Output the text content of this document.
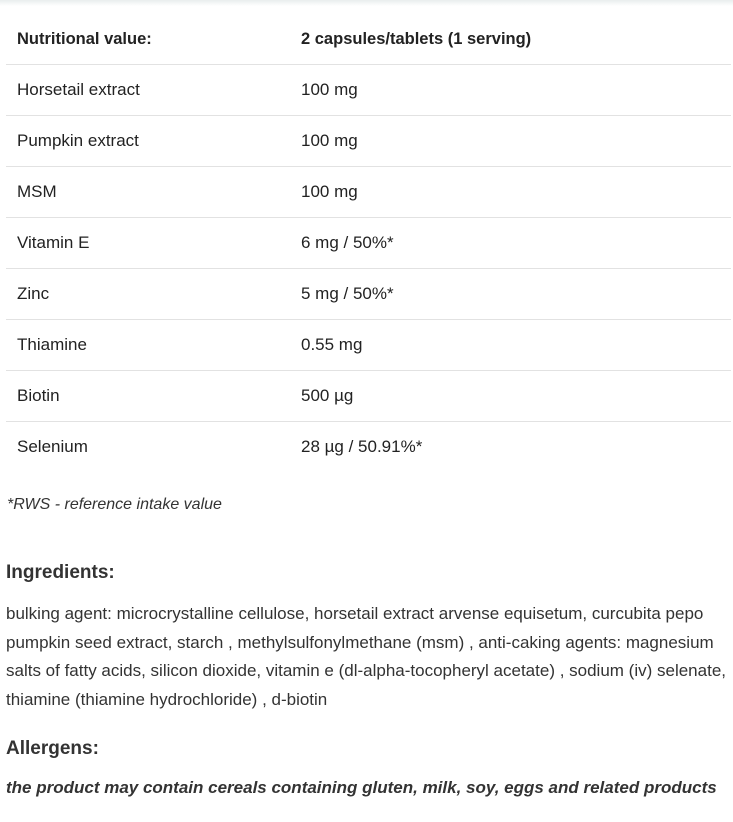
Nutritional value:	2 capsules/tablets (1 serving)
Horsetail extract	100 mg
Pumpkin extract	100 mg
MSM	100 mg
Vitamin E	6 mg / 50%*
Zinc	5 mg / 50%*
Thiamine	0.55 mg
Biotin	500 µg
Selenium	28 µg / 50.91%*
*RWS - reference intake value
Ingredients:
bulking agent: microcrystalline cellulose, horsetail extract arvense equisetum, curcubita pepo pumpkin seed extract, starch , methylsulfonylmethane (msm) , anti-caking agents: magnesium salts of fatty acids, silicon dioxide, vitamin e (dl-alpha-tocopheryl acetate) , sodium (iv) selenate, thiamine (thiamine hydrochloride) , d-biotin
Allergens:
the product may contain cereals containing gluten, milk, soy, eggs and related products
